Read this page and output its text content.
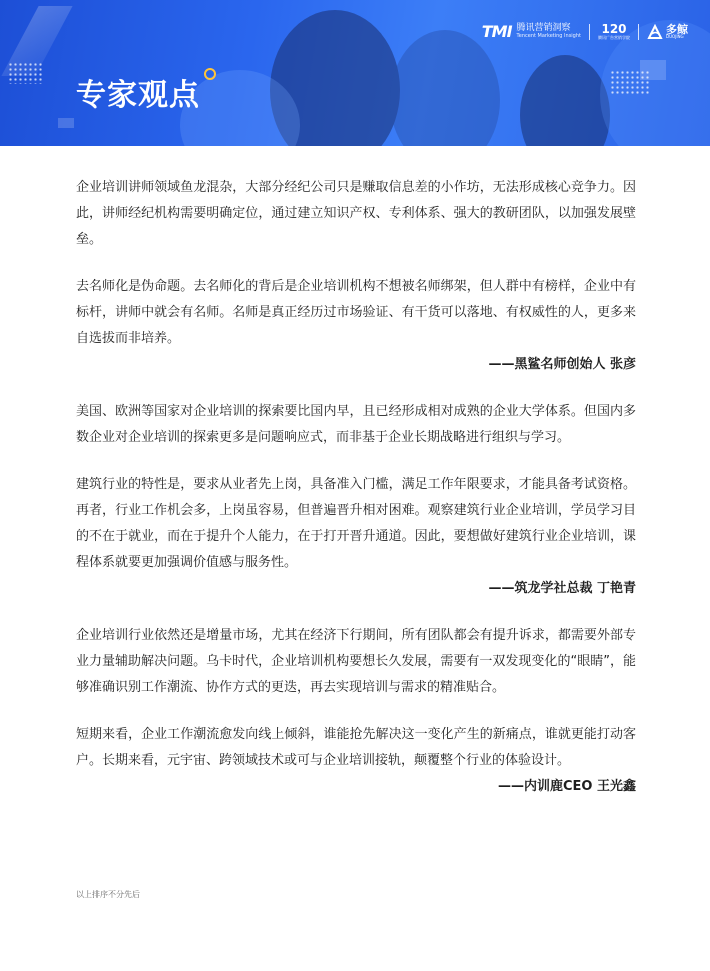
专家观点
TMI 腾讯营销洞察
Tencent Marketing Insight 120
腾讯广告营销学院
多鲸
DUOJING

企业培训讲师领域鱼龙混杂，大部分经纪公司只是赚取信息差的小作坊，无法形成核心竞争力。因此，讲师经纪机构需要明确定位，通过建立知识产权、专利体系、强大的教研团队，以加强发展壁垒。

去名师化是伪命题。去名师化的背后是企业培训机构不想被名师绑架，但人群中有榜样，企业中有标杆，讲师中就会有名师。名师是真正经历过市场验证、有干货可以落地、有权威性的人，更多来自选拔而非培养。

——黑鲨名师创始人 张彦

美国、欧洲等国家对企业培训的探索要比国内早，且已经形成相对成熟的企业大学体系。但国内多数企业对企业培训的探索更多是问题响应式，而非基于企业长期战略进行组织与学习。

建筑行业的特性是，要求从业者先上岗，具备准入门槛，满足工作年限要求，才能具备考试资格。再者，行业工作机会多，上岗虽容易，但普遍晋升相对困难。观察建筑行业企业培训，学员学习目的不在于就业，而在于提升个人能力，在于打开晋升通道。因此，要想做好建筑行业企业培训，课程体系就要更加强调价值感与服务性。

——筑龙学社总裁 丁艳青

企业培训行业依然还是增量市场，尤其在经济下行期间，所有团队都会有提升诉求，都需要外部专业力量辅助解决问题。乌卡时代，企业培训机构要想长久发展，需要有一双发现变化的“眼睛”，能够准确识别工作潮流、协作方式的更迭，再去实现培训与需求的精准贴合。

短期来看，企业工作潮流愈发向线上倾斜，谁能抢先解决这一变化产生的新痛点，谁就更能打动客户。长期来看，元宇宙、跨领域技术或可与企业培训接轨，颠覆整个行业的体验设计。

——内训鹿CEO 王光鑫

以上排序不分先后
